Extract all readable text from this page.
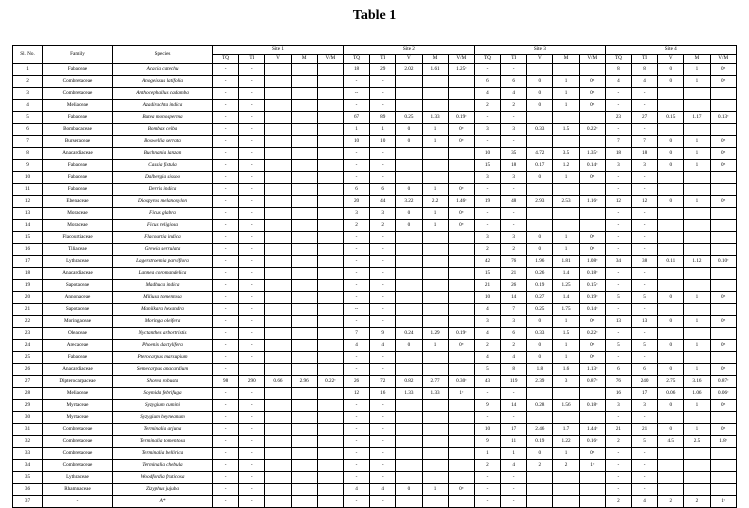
Table 1
Sl. No.	Family	Species	Site 1					Site 2					Site 3					Site 4				
			TQ	TI	V	M	V/M	TQ	TI	V	M	V/M	TQ	TI	V	M	V/M	TQ	TI	V	M	V/M
1	Fabaceae	Acacia catechu	-	-				18	29	2.02	1.61	1.25ᶜ	-	-				8	8	0	1	0ᵘ
2	Combretaceae	Anogeissus latifolia	-	-				-	-				6	6	0	1	0ᵘ	4	4	0	1	0ᵘ
3	Combretaceae	Anthocephallus cadamba	-	-				--	-				4	4	0	1	0ᵘ	-	-			
4	Meliaceae	Azadirachta indica	-	-				-	-				2	2	0	1	0ᵘ	-	-			
5	Fabaceae	Butea monosperma	-	-				67	89	0.25	1.33	0.19ᶜ	-	-				23	27	0.15	1.17	0.13ᶜ
6	Bombacaceae	Bombax ceiba	-	-				1	1	0	1	0ᵘ	3	3	0.33	1.5	0.22ᶜ	-	-			
7	Burseraceae	Boswellia serrata	-	-				10	10	0	1	0ᵘ	-	-				7	7	0	1	0ᵘ
8	Anacardiaceae	Buchnania lanzan	-	-				-	-				10	35	4.72	3.5	1.35ᶜ	18	18	0	1	0ᵘ
9	Fabaceae	Cassia fistula	-	-				-	-				15	18	0.17	1.2	0.14ᶜ	3	3	0	1	0ᵘ
10	Fabaceae	Dalbergia sissoo	-	-				-	-				3	3	0	1	0ᵘ	-	-			
11	Fabaceae	Derris indica	-	-				6	6	0	1	0ᵘ	-	-				-	-			
12	Ebenaceae	Diospyros melanoxylon	-	-				20	44	3.22	2.2	1.46ᶜ	19	48	2.93	2.53	1.16ᶜ	12	12	0	1	0ᵘ
13	Moraceae	Ficus glabra	-	-				3	3	0	1	0ᵘ	-	-				-	-			
14	Moraceae	Ficus religiosa	-	-				2	2	0	1	0ᵘ	-	-				-	-			
15	Flacourtiaceae	Flacourtia indica	-	-				-	-				3	3	0	1	0ᵘ	-	-			
16	Tiliaceae	Grewia serrulata	-	-				-	-				2	2	0	1	0ᵘ	-	-			
17	Lythraceae	Lagerstroemia parviflora	-	-				-	-				42	76	1.96	1.81	1.08ᶜ	34	38	0.11	1.12	0.10ᶜ
18	Anacardiaceae	Lannea coromandelica	-	-				-	-				15	21	0.26	1.4	0.18ᶜ	-	-			
19	Sapotaceae	Madhuca indica	-	-				-	-				21	26	0.19	1.25	0.15ᶜ	-	-			
20	Annonaceae	Miliusa tomentosa	-	-				-	-				10	14	0.27	1.4	0.19ᶜ	5	5	0	1	0ᵘ
21	Sapotaceae	Manilkara hexandra	-	-				--	-				4	7	0.25	1.75	0.14ᶜ	-	-			
22	Moringaceae	Moringa oleifera	-	-				-	-				3	3	0	1	0ᵘ	13	13	0	1	0ᵘ
23	Oleaceae	Nyctanthes arbortristis	-	-				7	9	0.24	1.29	0.19ᶜ	4	6	0.33	1.5	0.22ᶜ	-	-			
24	Arecaceae	Phoenix dactylifera	-	-				4	4	0	1	0ᵘ	2	2	0	1	0ᵘ	5	5	0	1	0ᵘ
25	Fabaceae	Pterocarpus marsupium	-	-				-	-				4	4	0	1	0ᵘ	-	-			
26	Anacardiaceae	Semecarpus anacardium	-					-	-				5	8	1.8	1.6	1.13ᶜ	6	6	0	1	0ᵘ
27	Dipterocarpaceae	Shorea robusta	98	290	0.66	2.96	0.22ᶜ	26	72	0.82	2.77	0.30ᶜ	43	119	2.39	3	0.87ᶜ	76	240	2.75	3.16	0.87ᶜ
28	Meliaceae	Soymida febrifuga	-	-				12	16	1.33	1.33	1ᶜ	-	-				16	17	0.06	1.06	0.06ᶜ
29	Myrtaceae	Syzygium cumini	-	-				-	-				9	14	0.28	1.56	0.18ᶜ	3	3	0	1	0ᵘ
30	Myrtaceae	Syzygium heyneanum	-	-				-	-				-	-				-	-			
31	Combretaceae	Terminalia arjuna	-	-				-	-				10	17	2.46	1.7	1.44ᶜ	21	21	0	1	0ᵘ
32	Combretaceae	Terminalia tomentosa	-	-				-	-				9	11	0.19	1.22	0.16ᶜ	2	5	4.5	2.5	1.8ᶜ
33	Combretaceae	Terminalia bellirica	-	-				-	-				1	1	0	1	0ᵘ	-	-			
34	Combretaceae	Terminalia chebula	-	-				-	-				2	4	2	2	1ᶜ	-	-			
35	Lythraceae	Woodfordia fruticosa	-	-				-	-				-	-				-	-			
36	Rhamnaceae	Zizyphus jujuba	-	-				4	4	0	1	0ᵘ	-	-				-	-			
37	-	A*	-	-				-	-				-	-				2	4	2	2	1ᶜ
